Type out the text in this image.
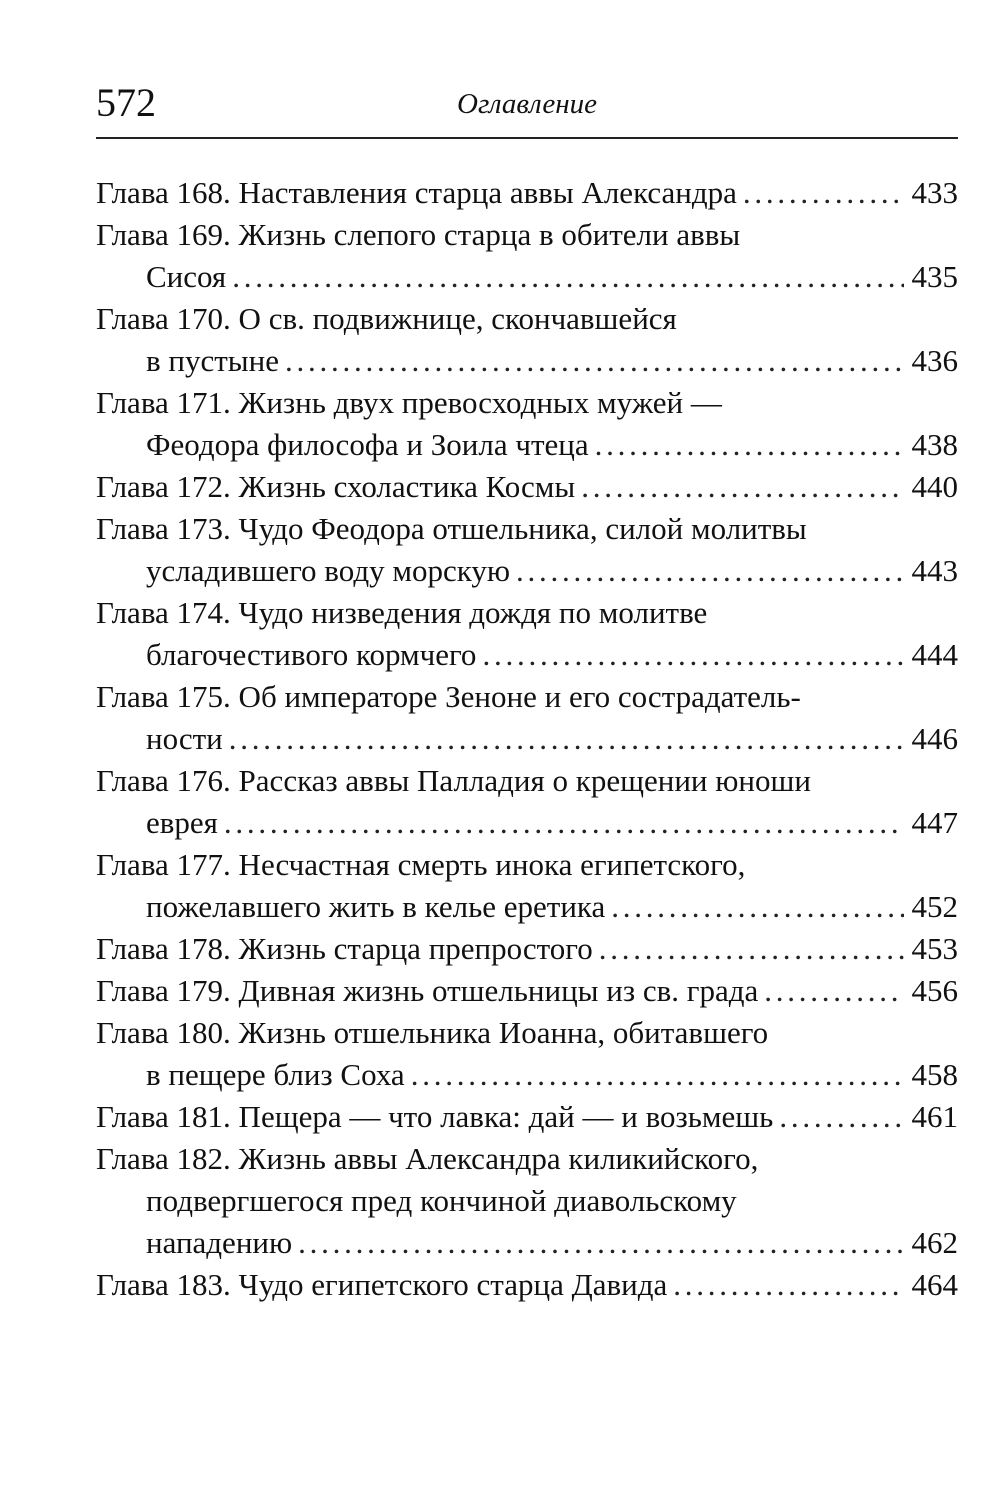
572	Оглавление
Глава 168. Наставления старца аввы Александра . . .	433
Глава 169. Жизнь слепого старца в обители аввы
Сисоя . . .	435
Глава 170. О св. подвижнице, скончавшейся
в пустыне . . .	436
Глава 171. Жизнь двух превосходных мужей —
Феодора философа и Зоила чтеца . . .	438
Глава 172. Жизнь схоластика Космы . . .	440
Глава 173. Чудо Феодора отшельника, силой молитвы
усладившего воду морскую . . .	443
Глава 174. Чудо низведения дождя по молитве
благочестивого кормчего . . .	444
Глава 175. Об императоре Зеноне и его сострадатель-
ности . . .	446
Глава 176. Рассказ аввы Палладия о крещении юноши
еврея . . .	447
Глава 177. Несчастная смерть инока египетского,
пожелавшего жить в келье еретика . . .	452
Глава 178. Жизнь старца препростого . . .	453
Глава 179. Дивная жизнь отшельницы из св. града . . .	456
Глава 180. Жизнь отшельника Иоанна, обитавшего
в пещере близ Соха . . .	458
Глава 181. Пещера — что лавка: дай — и возьмешь . . .	461
Глава 182. Жизнь аввы Александра киликийского,
подвергшегося пред кончиной диавольскому
нападению . . .	462
Глава 183. Чудо египетского старца Давида . . .	464
